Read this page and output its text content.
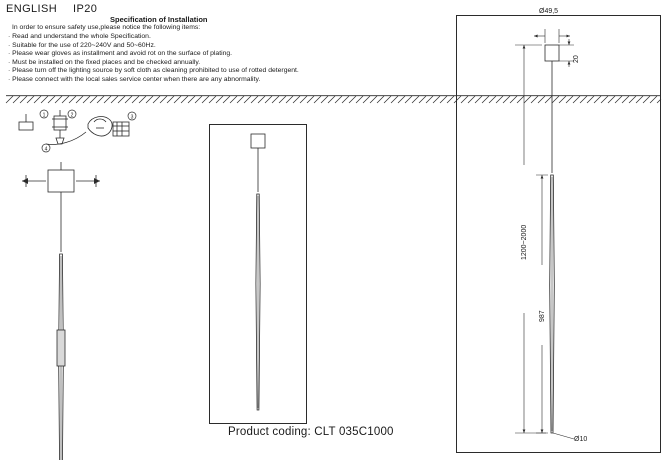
ENGLISH IP20
Specification of Installation
In order to ensure safety use,please notice the following items:
· Read and understand the whole Specification.
· Suitable for the use of 220~240V and 50~60Hz.
· Please wear gloves as installment and avoid rot on the surface of plating.
· Must be installed on the fixed places and be checked annually.
· Please turn off the lighting source by soft cloth as cleaning prohibited to use of rotted detergent.
· Please connect with the local sales service center when there are any abnormality.
1	2
4
3
Product coding: CLT 035C1000
Ø49,5
20
1200~2000
987
Ø10
